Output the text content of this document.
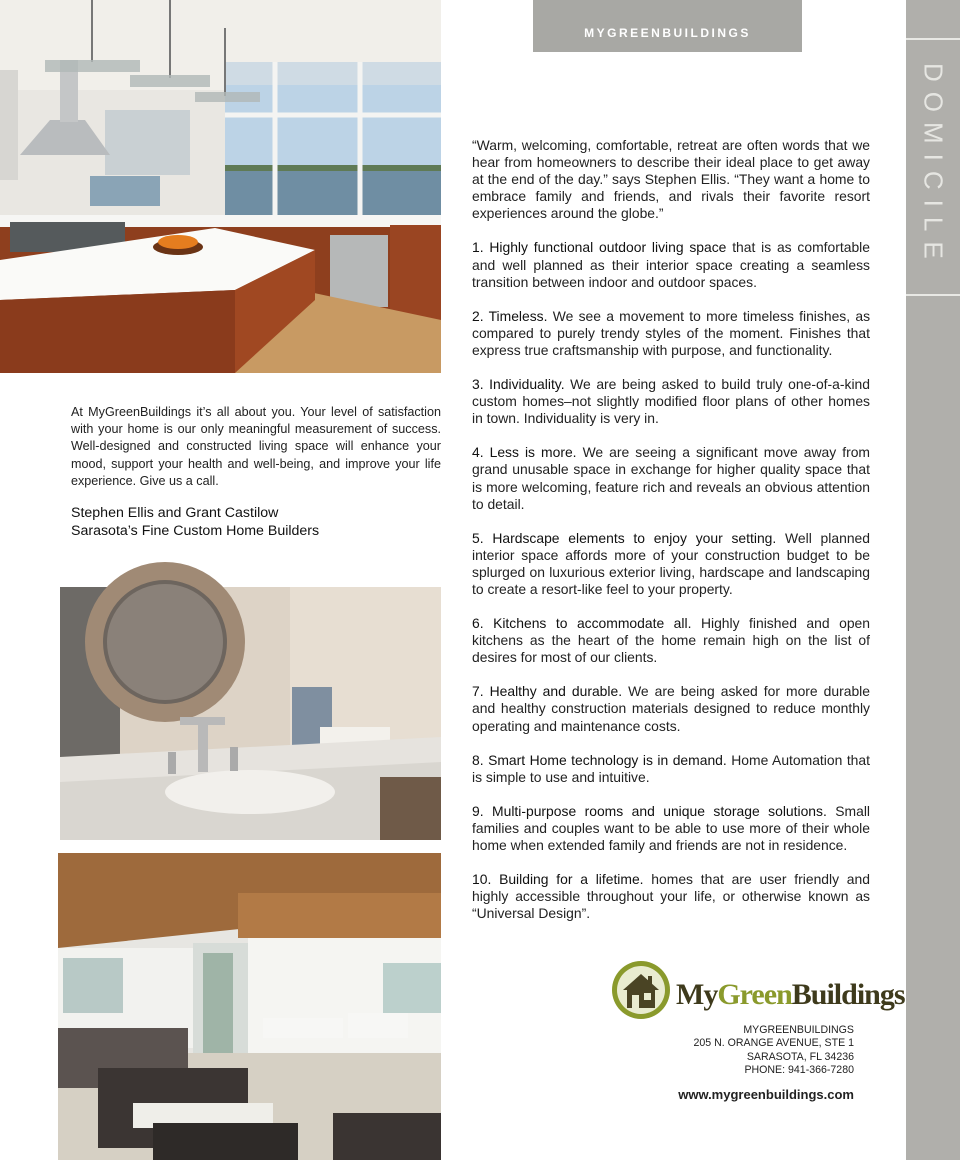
MYGREENBUILDINGS
DOMICILE
At MyGreenBuildings it’s all about you. Your level of satisfaction with your home is our only meaningful measurement of success. Well-designed and constructed living space will enhance your mood, support your health and well-being, and improve your life experience. Give us a call.
Stephen Ellis and Grant Castilow
Sarasota’s Fine Custom Home Builders

“Warm, welcoming, comfortable, retreat are often words that we hear from homeowners to describe their ideal place to get away at the end of the day.” says Stephen Ellis. “They want a home to embrace family and friends, and rivals their favorite resort experiences around the globe.”

1. Highly functional outdoor living space that is as comfortable and well planned as their interior space creating a seamless transition between indoor and outdoor spaces.

2. Timeless. We see a movement to more timeless finishes, as compared to purely trendy styles of the moment. Finishes that express true craftsmanship with purpose, and functionality.

3. Individuality. We are being asked to build truly one-of-a-kind custom homes–not slightly modified floor plans of other homes in town. Individuality is very in.

4. Less is more. We are seeing a significant move away from grand unusable space in exchange for higher quality space that is more welcoming, feature rich and reveals an obvious attention to detail.

5. Hardscape elements to enjoy your setting. Well planned interior space affords more of your construction budget to be splurged on luxurious exterior living, hardscape and landscaping to create a resort-like feel to your property.

6. Kitchens to accommodate all. Highly finished and open kitchens as the heart of the home remain high on the list of desires for most of our clients.

7. Healthy and durable. We are being asked for more durable and healthy construction materials designed to reduce monthly operating and maintenance costs.

8. Smart Home technology is in demand. Home Automation that is simple to use and intuitive.

9. Multi-purpose rooms and unique storage solutions. Small families and couples want to be able to use more of their whole home when extended family and friends are not in residence.

10. Building for a lifetime. homes that are user friendly and highly accessible throughout your life, or otherwise known as “Universal Design”.

MyGreenBuildings
MYGREENBUILDINGS
205 N. ORANGE AVENUE, STE 1
SARASOTA, FL 34236
PHONE: 941-366-7280
www.mygreenbuildings.com
